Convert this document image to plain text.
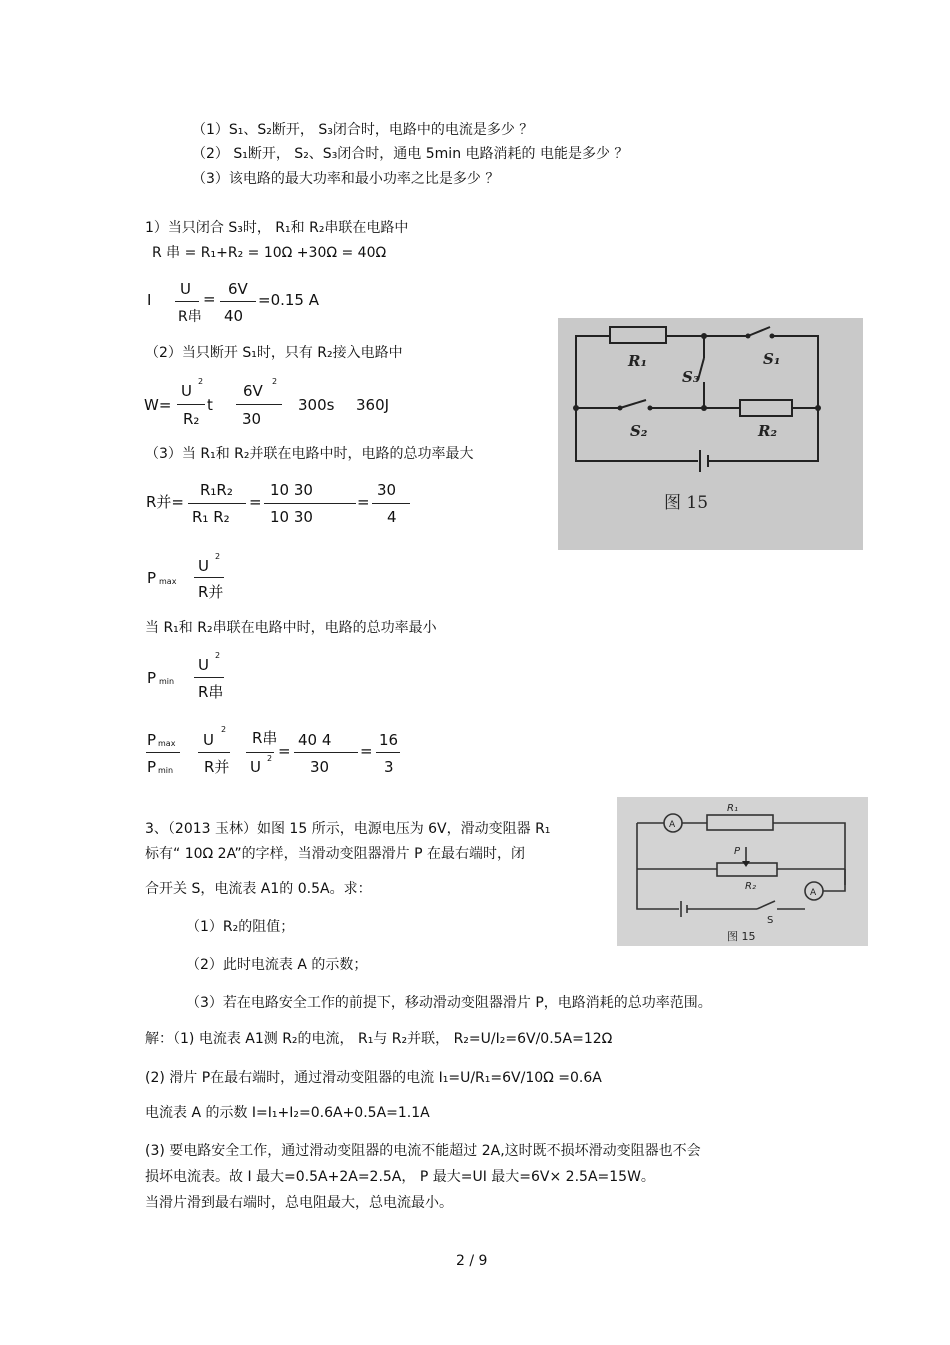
（1）S₁、S₂断开， S₃闭合时，电路中的电流是多少 ？
（2） S₁断开， S₂、S₃闭合时，通电 5min 电路消耗的 电能是多少 ？
（3）该电路的最大功率和最小功率之比是多少 ？
1）当只闭合 S₃时， R₁和 R₂串联在电路中
R 串 = R₁+R₂ = 10Ω +30Ω = 40Ω
I
U
R串
=
6V
40
=0.15 A
（2）当只断开 S₁时，只有 R₂接入电路中
W=
U
2
R₂
t
6V
2
30
300s 360J
（3）当 R₁和 R₂并联在电路中时，电路的总功率最大
R并=
R₁R₂
R₁ R₂
=
10 30
10 30
=
30
4
P max
U
2
R并
当 R₁和 R₂串联在电路中时，电路的总功率最小
P min
U
2
R串
P max
P min
U
2
R并
R串
U 2 =
40 4
30
=
16
3
R₁	S₁
S₃
S₂	R₂
图 15
3、（2013 玉林）如图 15 所示，电源电压为 6V，滑动变阻器 R₁
标有“ 10Ω 2A”的字样，当滑动变阻器滑片 P 在最右端时，闭
合开关 S，电流表 A1的 0.5A。求：
（1）R₂的阻值；
（2）此时电流表 A 的示数；
（3）若在电路安全工作的前提下，移动滑动变阻器滑片 P，电路消耗的总功率范围。
解：（1) 电流表 A1测 R₂的电流， R₁与 R₂并联， R₂=U/I₂=6V/0.5A=12Ω
(2) 滑片 P在最右端时，通过滑动变阻器的电流 I₁=U/R₁=6V/10Ω =0.6A
电流表 A 的示数 I=I₁+I₂=0.6A+0.5A=1.1A
(3) 要电路安全工作，通过滑动变阻器的电流不能超过 2A,这时既不损坏滑动变阻器也不会
损坏电流表。故 I 最大=0.5A+2A=2.5A， P 最大=UI 最大=6V× 2.5A=15W。
当滑片滑到最右端时，总电阻最大，总电流最小。
R₁
P
R₂
S
A
A
图 15
2 / 9
